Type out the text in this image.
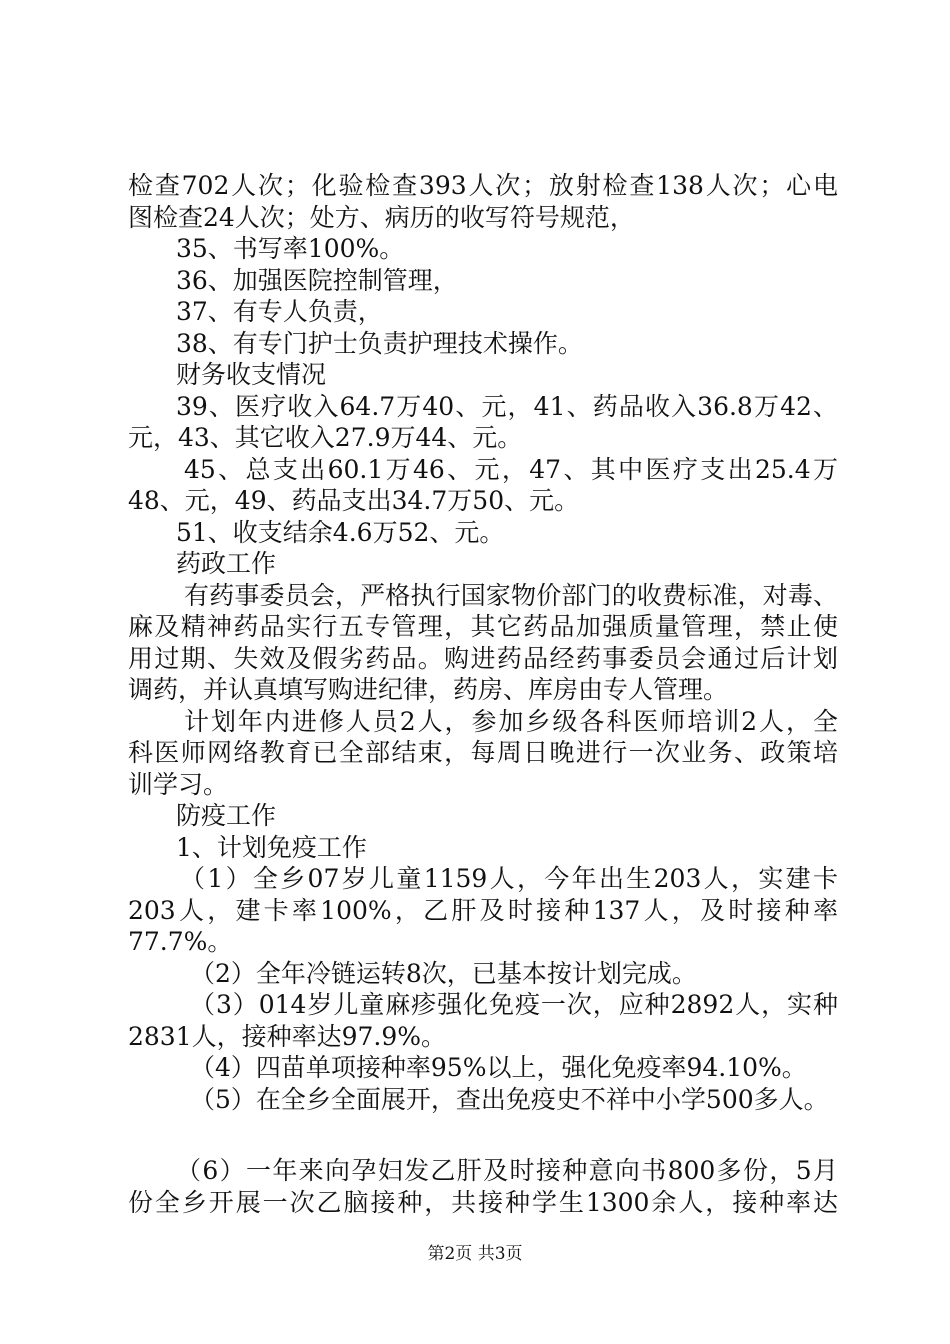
检查702人次；化验检查393人次；放射检查138人次；心电
图检查24人次；处方、病历的收写符号规范，
35、书写率100%。
36、加强医院控制管理，
37、有专人负责，
38、有专门护士负责护理技术操作。
财务收支情况
39、医疗收入64.7万40、元，41、药品收入36.8万42、
元，43、其它收入27.9万44、元。
45、总支出60.1万46、元，47、其中医疗支出25.4万
48、元，49、药品支出34.7万50、元。
51、收支结余4.6万52、元。
药政工作
有药事委员会，严格执行国家物价部门的收费标准，对毒、
麻及精神药品实行五专管理，其它药品加强质量管理，禁止使
用过期、失效及假劣药品。购进药品经药事委员会通过后计划
调药，并认真填写购进纪律，药房、库房由专人管理。
计划年内进修人员2人，参加乡级各科医师培训2人，全
科医师网络教育已全部结束，每周日晚进行一次业务、政策培
训学习。
防疫工作
1、计划免疫工作
（1）全乡07岁儿童1159人，今年出生203人，实建卡
203人，建卡率100%，乙肝及时接种137人，及时接种率
77.7%。
（2）全年冷链运转8次，已基本按计划完成。
（3）014岁儿童麻疹强化免疫一次，应种2892人，实种
2831人，接种率达97.9%。
（4）四苗单项接种率95%以上，强化免疫率94.10%。
（5）在全乡全面展开，查出免疫史不祥中小学500多人。
（6）一年来向孕妇发乙肝及时接种意向书800多份，5月
份全乡开展一次乙脑接种，共接种学生1300余人，接种率达
第2页 共3页
